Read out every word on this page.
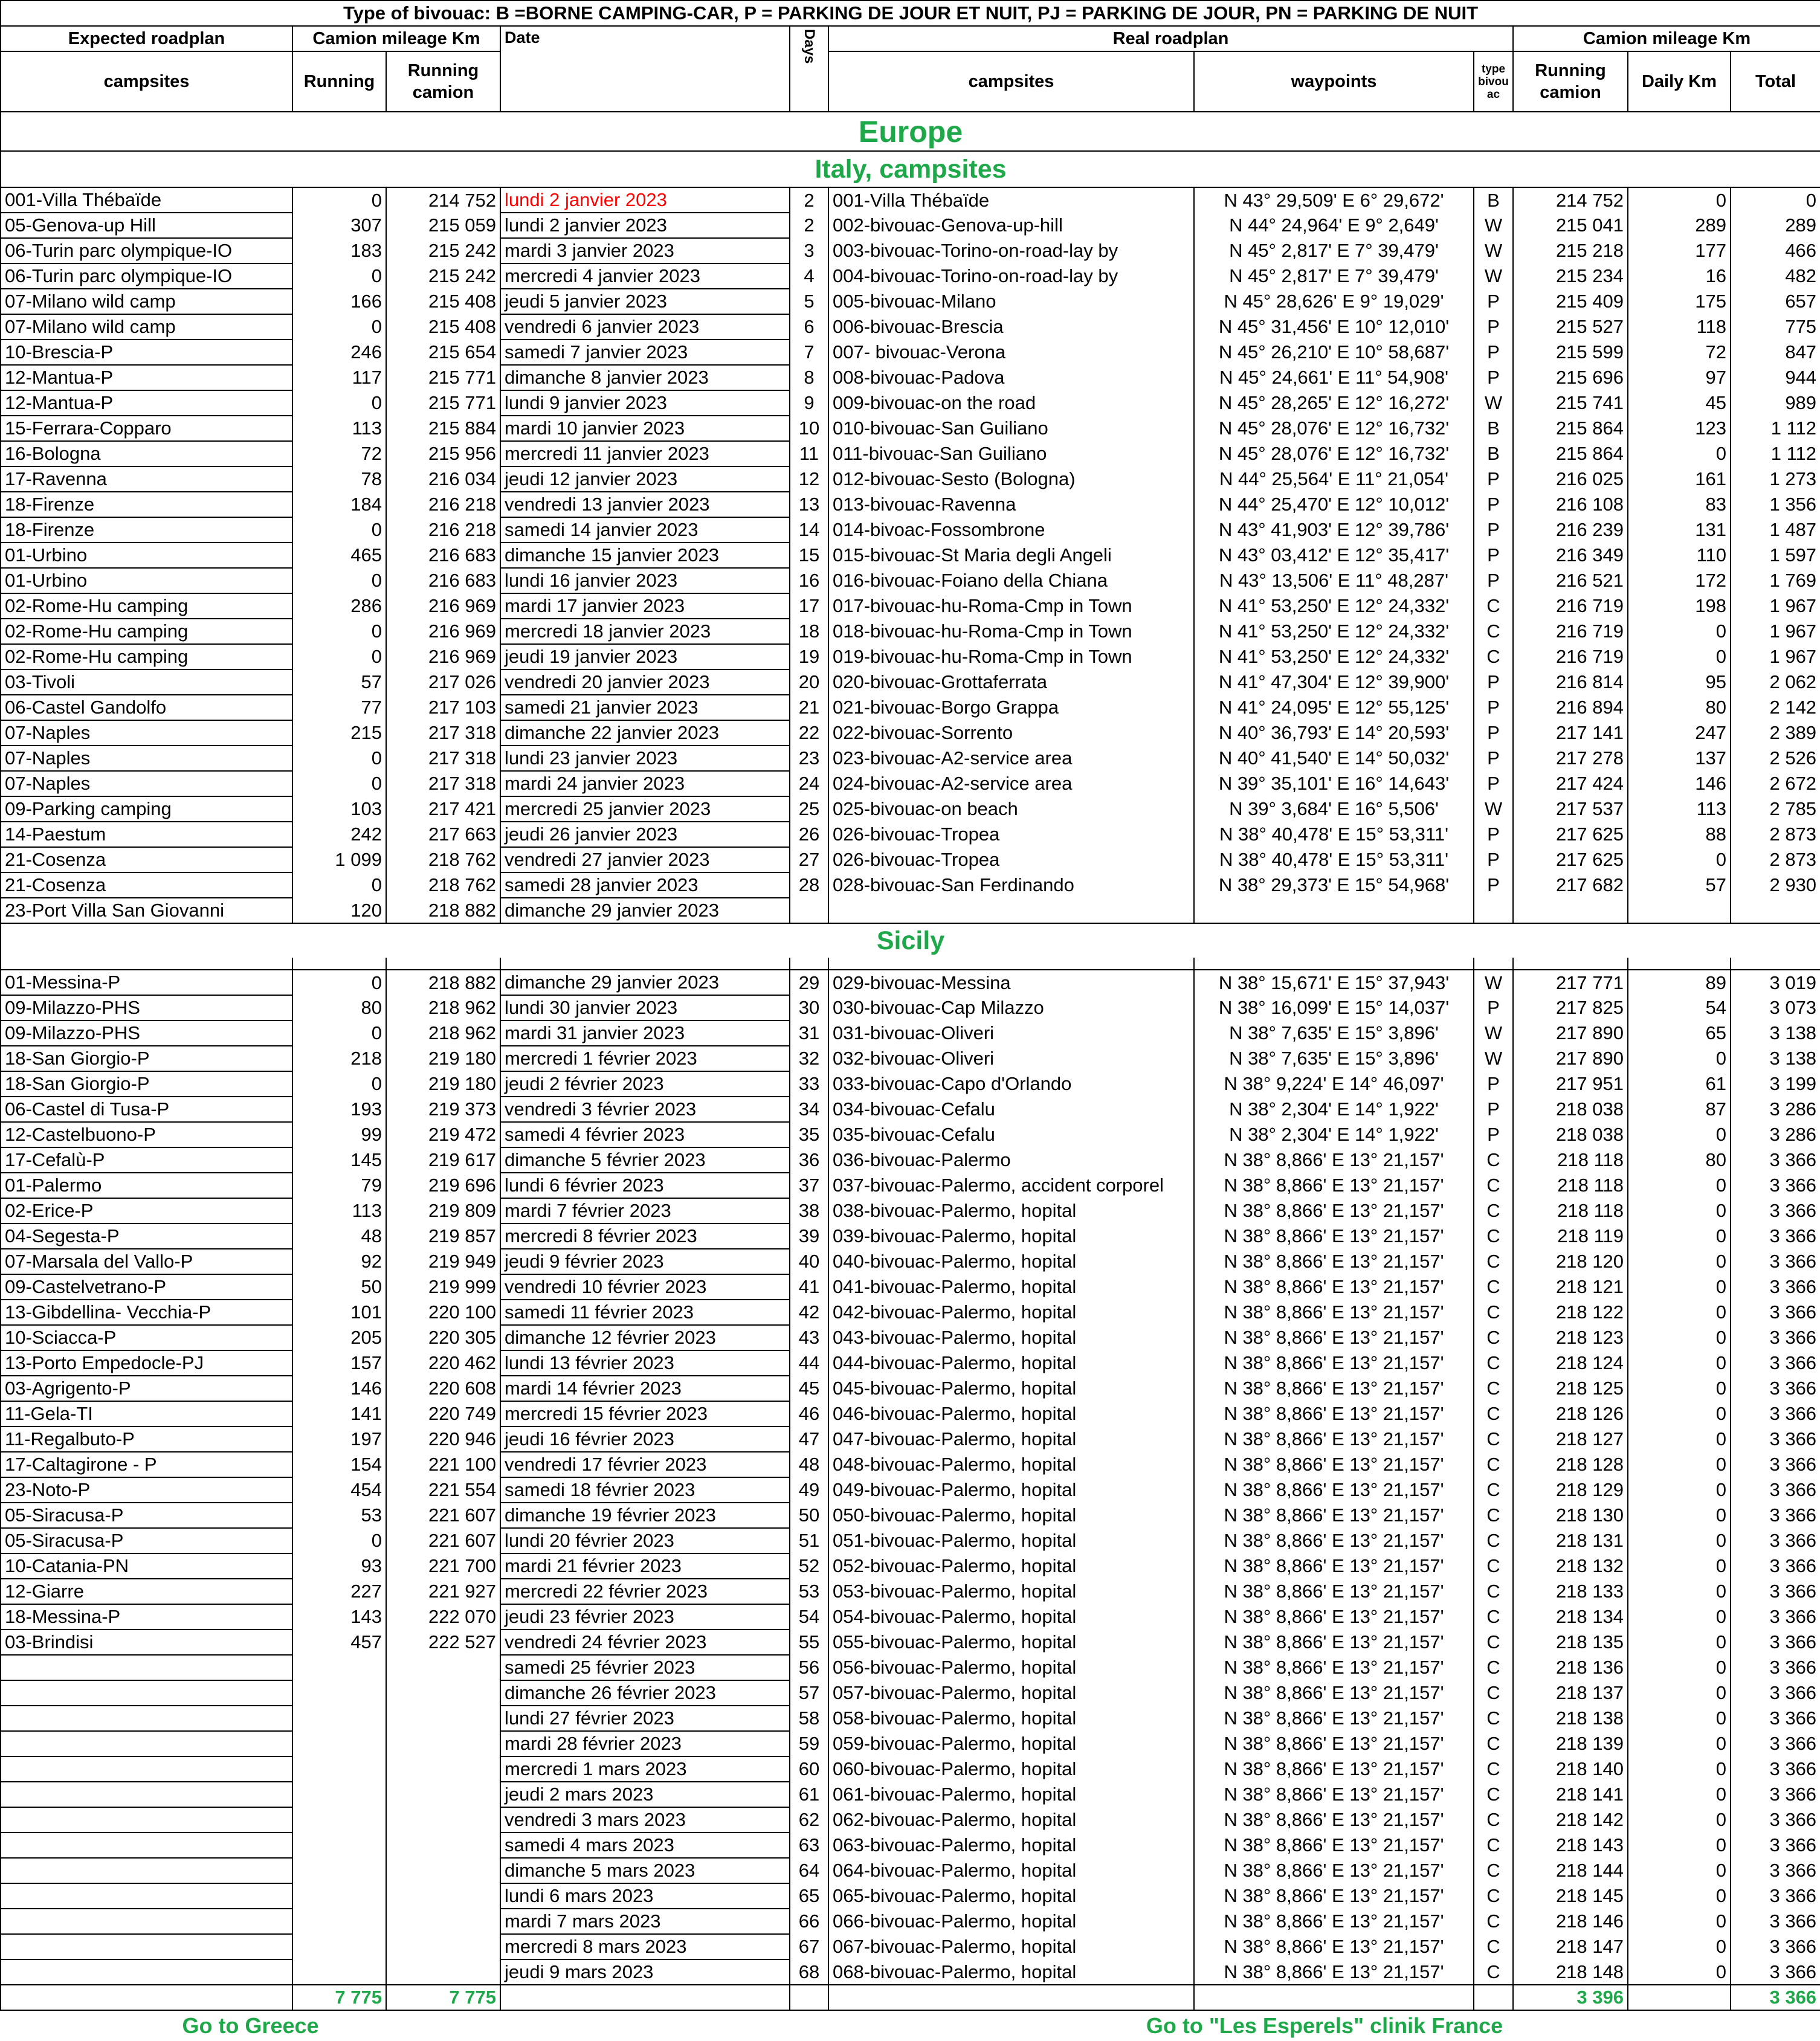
Type of bivouac: B =BORNE CAMPING-CAR, P = PARKING DE JOUR ET NUIT, PJ = PARKING DE JOUR, PN = PARKING DE NUIT										
Expected roadplan	Camion mileage Km		Date	Days	Real roadplan			Camion mileage Km		
campsites	Running	Running camion			campsites	waypoints	type bivou ac	Running camion	Daily Km	Total
Europe										
Italy, campsites										
001-Villa Thébaïde	0	214 752	lundi 2 janvier 2023	2	001-Villa Thébaïde	N 43° 29,509' E 6° 29,672'	B	214 752	0	0
05-Genova-up Hill	307	215 059	lundi 2 janvier 2023	2	002-bivouac-Genova-up-hill	N 44° 24,964' E 9° 2,649'	W	215 041	289	289
06-Turin parc olympique-IO	183	215 242	mardi 3 janvier 2023	3	003-bivouac-Torino-on-road-lay by	N 45° 2,817' E 7° 39,479'	W	215 218	177	466
06-Turin parc olympique-IO	0	215 242	mercredi 4 janvier 2023	4	004-bivouac-Torino-on-road-lay by	N 45° 2,817' E 7° 39,479'	W	215 234	16	482
07-Milano wild camp	166	215 408	jeudi 5 janvier 2023	5	005-bivouac-Milano	N 45° 28,626' E 9° 19,029'	P	215 409	175	657
07-Milano wild camp	0	215 408	vendredi 6 janvier 2023	6	006-bivouac-Brescia	N 45° 31,456' E 10° 12,010'	P	215 527	118	775
10-Brescia-P	246	215 654	samedi 7 janvier 2023	7	007- bivouac-Verona	N 45° 26,210' E 10° 58,687'	P	215 599	72	847
12-Mantua-P	117	215 771	dimanche 8 janvier 2023	8	008-bivouac-Padova	N 45° 24,661' E 11° 54,908'	P	215 696	97	944
12-Mantua-P	0	215 771	lundi 9 janvier 2023	9	009-bivouac-on the road	N 45° 28,265' E 12° 16,272'	W	215 741	45	989
15-Ferrara-Copparo	113	215 884	mardi 10 janvier 2023	10	010-bivouac-San Guiliano	N 45° 28,076' E 12° 16,732'	B	215 864	123	1 112
16-Bologna	72	215 956	mercredi 11 janvier 2023	11	011-bivouac-San Guiliano	N 45° 28,076' E 12° 16,732'	B	215 864	0	1 112
17-Ravenna	78	216 034	jeudi 12 janvier 2023	12	012-bivouac-Sesto (Bologna)	N 44° 25,564' E 11° 21,054'	P	216 025	161	1 273
18-Firenze	184	216 218	vendredi 13 janvier 2023	13	013-bivouac-Ravenna	N 44° 25,470' E 12° 10,012'	P	216 108	83	1 356
18-Firenze	0	216 218	samedi 14 janvier 2023	14	014-bivoac-Fossombrone	N 43° 41,903' E 12° 39,786'	P	216 239	131	1 487
01-Urbino	465	216 683	dimanche 15 janvier 2023	15	015-bivouac-St Maria degli Angeli	N 43° 03,412' E 12° 35,417'	P	216 349	110	1 597
01-Urbino	0	216 683	lundi 16 janvier 2023	16	016-bivouac-Foiano della Chiana	N 43° 13,506' E 11° 48,287'	P	216 521	172	1 769
02-Rome-Hu camping	286	216 969	mardi 17 janvier 2023	17	017-bivouac-hu-Roma-Cmp in Town	N 41° 53,250' E 12° 24,332'	C	216 719	198	1 967
02-Rome-Hu camping	0	216 969	mercredi 18 janvier 2023	18	018-bivouac-hu-Roma-Cmp in Town	N 41° 53,250' E 12° 24,332'	C	216 719	0	1 967
02-Rome-Hu camping	0	216 969	jeudi 19 janvier 2023	19	019-bivouac-hu-Roma-Cmp in Town	N 41° 53,250' E 12° 24,332'	C	216 719	0	1 967
03-Tivoli	57	217 026	vendredi 20 janvier 2023	20	020-bivouac-Grottaferrata	N 41° 47,304' E 12° 39,900'	P	216 814	95	2 062
06-Castel Gandolfo	77	217 103	samedi 21 janvier 2023	21	021-bivouac-Borgo Grappa	N 41° 24,095' E 12° 55,125'	P	216 894	80	2 142
07-Naples	215	217 318	dimanche 22 janvier 2023	22	022-bivouac-Sorrento	N 40° 36,793' E 14° 20,593'	P	217 141	247	2 389
07-Naples	0	217 318	lundi 23 janvier 2023	23	023-bivouac-A2-service area	N 40° 41,540' E 14° 50,032'	P	217 278	137	2 526
07-Naples	0	217 318	mardi 24 janvier 2023	24	024-bivouac-A2-service area	N 39° 35,101' E 16° 14,643'	P	217 424	146	2 672
09-Parking camping	103	217 421	mercredi 25 janvier 2023	25	025-bivouac-on beach	N 39° 3,684' E 16° 5,506'	W	217 537	113	2 785
14-Paestum	242	217 663	jeudi 26 janvier 2023	26	026-bivouac-Tropea	N 38° 40,478' E 15° 53,311'	P	217 625	88	2 873
21-Cosenza	1 099	218 762	vendredi 27 janvier 2023	27	026-bivouac-Tropea	N 38° 40,478' E 15° 53,311'	P	217 625	0	2 873
21-Cosenza	0	218 762	samedi 28 janvier 2023	28	028-bivouac-San Ferdinando	N 38° 29,373' E 15° 54,968'	P	217 682	57	2 930
23-Port Villa San Giovanni	120	218 882	dimanche 29 janvier 2023							
Sicily										

01-Messina-P	0	218 882	dimanche 29 janvier 2023	29	029-bivouac-Messina	N 38° 15,671' E 15° 37,943'	W	217 771	89	3 019
09-Milazzo-PHS	80	218 962	lundi 30 janvier 2023	30	030-bivouac-Cap Milazzo	N 38° 16,099' E 15° 14,037'	P	217 825	54	3 073
09-Milazzo-PHS	0	218 962	mardi 31 janvier 2023	31	031-bivouac-Oliveri	N 38° 7,635' E 15° 3,896'	W	217 890	65	3 138
18-San Giorgio-P	218	219 180	mercredi 1 février 2023	32	032-bivouac-Oliveri	N 38° 7,635' E 15° 3,896'	W	217 890	0	3 138
18-San Giorgio-P	0	219 180	jeudi 2 février 2023	33	033-bivouac-Capo d'Orlando	N 38° 9,224' E 14° 46,097'	P	217 951	61	3 199
06-Castel di Tusa-P	193	219 373	vendredi 3 février 2023	34	034-bivouac-Cefalu	N 38° 2,304' E 14° 1,922'	P	218 038	87	3 286
12-Castelbuono-P	99	219 472	samedi 4 février 2023	35	035-bivouac-Cefalu	N 38° 2,304' E 14° 1,922'	P	218 038	0	3 286
17-Cefalù-P	145	219 617	dimanche 5 février 2023	36	036-bivouac-Palermo	N 38° 8,866' E 13° 21,157'	C	218 118	80	3 366
01-Palermo	79	219 696	lundi 6 février 2023	37	037-bivouac-Palermo, accident corporel	N 38° 8,866' E 13° 21,157'	C	218 118	0	3 366
02-Erice-P	113	219 809	mardi 7 février 2023	38	038-bivouac-Palermo, hopital	N 38° 8,866' E 13° 21,157'	C	218 118	0	3 366
04-Segesta-P	48	219 857	mercredi 8 février 2023	39	039-bivouac-Palermo, hopital	N 38° 8,866' E 13° 21,157'	C	218 119	0	3 366
07-Marsala del Vallo-P	92	219 949	jeudi 9 février 2023	40	040-bivouac-Palermo, hopital	N 38° 8,866' E 13° 21,157'	C	218 120	0	3 366
09-Castelvetrano-P	50	219 999	vendredi 10 février 2023	41	041-bivouac-Palermo, hopital	N 38° 8,866' E 13° 21,157'	C	218 121	0	3 366
13-Gibdellina- Vecchia-P	101	220 100	samedi 11 février 2023	42	042-bivouac-Palermo, hopital	N 38° 8,866' E 13° 21,157'	C	218 122	0	3 366
10-Sciacca-P	205	220 305	dimanche 12 février 2023	43	043-bivouac-Palermo, hopital	N 38° 8,866' E 13° 21,157'	C	218 123	0	3 366
13-Porto Empedocle-PJ	157	220 462	lundi 13 février 2023	44	044-bivouac-Palermo, hopital	N 38° 8,866' E 13° 21,157'	C	218 124	0	3 366
03-Agrigento-P	146	220 608	mardi 14 février 2023	45	045-bivouac-Palermo, hopital	N 38° 8,866' E 13° 21,157'	C	218 125	0	3 366
11-Gela-TI	141	220 749	mercredi 15 février 2023	46	046-bivouac-Palermo, hopital	N 38° 8,866' E 13° 21,157'	C	218 126	0	3 366
11-Regalbuto-P	197	220 946	jeudi 16 février 2023	47	047-bivouac-Palermo, hopital	N 38° 8,866' E 13° 21,157'	C	218 127	0	3 366
17-Caltagirone - P	154	221 100	vendredi 17 février 2023	48	048-bivouac-Palermo, hopital	N 38° 8,866' E 13° 21,157'	C	218 128	0	3 366
23-Noto-P	454	221 554	samedi 18 février 2023	49	049-bivouac-Palermo, hopital	N 38° 8,866' E 13° 21,157'	C	218 129	0	3 366
05-Siracusa-P	53	221 607	dimanche 19 février 2023	50	050-bivouac-Palermo, hopital	N 38° 8,866' E 13° 21,157'	C	218 130	0	3 366
05-Siracusa-P	0	221 607	lundi 20 février 2023	51	051-bivouac-Palermo, hopital	N 38° 8,866' E 13° 21,157'	C	218 131	0	3 366
10-Catania-PN	93	221 700	mardi 21 février 2023	52	052-bivouac-Palermo, hopital	N 38° 8,866' E 13° 21,157'	C	218 132	0	3 366
12-Giarre	227	221 927	mercredi 22 février 2023	53	053-bivouac-Palermo, hopital	N 38° 8,866' E 13° 21,157'	C	218 133	0	3 366
18-Messina-P	143	222 070	jeudi 23 février 2023	54	054-bivouac-Palermo, hopital	N 38° 8,866' E 13° 21,157'	C	218 134	0	3 366
03-Brindisi	457	222 527	vendredi 24 février 2023	55	055-bivouac-Palermo, hopital	N 38° 8,866' E 13° 21,157'	C	218 135	0	3 366
			samedi 25 février 2023	56	056-bivouac-Palermo, hopital	N 38° 8,866' E 13° 21,157'	C	218 136	0	3 366
			dimanche 26 février 2023	57	057-bivouac-Palermo, hopital	N 38° 8,866' E 13° 21,157'	C	218 137	0	3 366
			lundi 27 février 2023	58	058-bivouac-Palermo, hopital	N 38° 8,866' E 13° 21,157'	C	218 138	0	3 366
			mardi 28 février 2023	59	059-bivouac-Palermo, hopital	N 38° 8,866' E 13° 21,157'	C	218 139	0	3 366
			mercredi 1 mars 2023	60	060-bivouac-Palermo, hopital	N 38° 8,866' E 13° 21,157'	C	218 140	0	3 366
			jeudi 2 mars 2023	61	061-bivouac-Palermo, hopital	N 38° 8,866' E 13° 21,157'	C	218 141	0	3 366
			vendredi 3 mars 2023	62	062-bivouac-Palermo, hopital	N 38° 8,866' E 13° 21,157'	C	218 142	0	3 366
			samedi 4 mars 2023	63	063-bivouac-Palermo, hopital	N 38° 8,866' E 13° 21,157'	C	218 143	0	3 366
			dimanche 5 mars 2023	64	064-bivouac-Palermo, hopital	N 38° 8,866' E 13° 21,157'	C	218 144	0	3 366
			lundi 6 mars 2023	65	065-bivouac-Palermo, hopital	N 38° 8,866' E 13° 21,157'	C	218 145	0	3 366
			mardi 7 mars 2023	66	066-bivouac-Palermo, hopital	N 38° 8,866' E 13° 21,157'	C	218 146	0	3 366
			mercredi 8 mars 2023	67	067-bivouac-Palermo, hopital	N 38° 8,866' E 13° 21,157'	C	218 147	0	3 366
			jeudi 9 mars 2023	68	068-bivouac-Palermo, hopital	N 38° 8,866' E 13° 21,157'	C	218 148	0	3 366
	7 775	7 775						3 396		3 366
Go to Greece					Go to "Les Esperels" clinik France					
